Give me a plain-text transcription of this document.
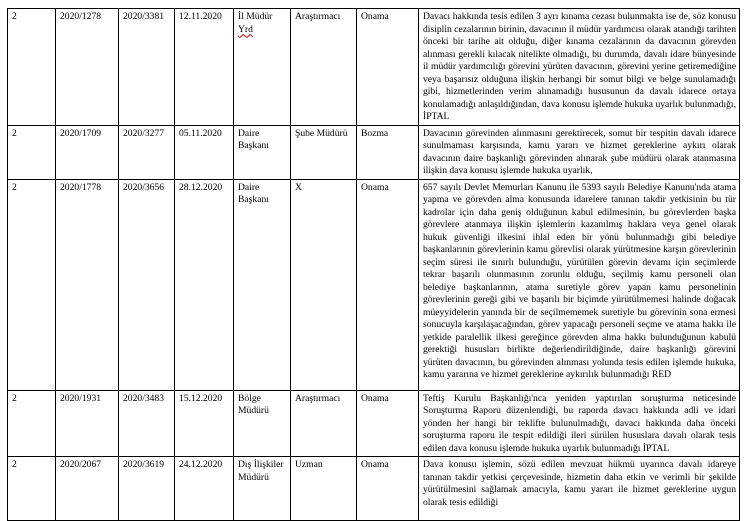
2	2020/1278	2020/3381	12.11.2020	İl Müdür Yrd	Araştırmacı	Onama	Davacı hakkında tesis edilen 3 ayrı kınama cezası bulunmakta ise de, söz konusu disiplin cezalarının birinin, davacının il müdür yardımcısı olarak atandığı tarihten önceki bir tarihe ait olduğu, diğer kınama cezalarının da davacının görevden alınması gerekli kılacak nitelikte olmadığı, bu durumda, davalı idare bünyesinde il müdür yardımcılığı görevini yürüten davacının, görevini yerine getiremediğine veya başarısız olduğuna ilişkin herhangi bir somut bilgi ve belge sunulamadığı gibi, hizmetlerinden verim alınamadığı hususunun da davalı idarece ortaya konulamadığı anlaşıldığından, dava konusu işlemde hukuka uyarlık bulunmadığı, İPTAL
2	2020/1709	2020/3277	05.11.2020	Daire Başkanı	Şube Müdürü	Bozma	Davacının görevinden alınmasını gerektirecek, somut bir tespitin davalı idarece sunulmaması karşısında, kamu yararı ve hizmet gereklerine aykırı olarak davacının daire başkanlığı görevinden alınarak şube müdürü olarak atanmasına ilişkin dava konusu işlemde hukuka uyarlık,
2	2020/1778	2020/3656	28.12.2020	Daire Başkanı	X	Onama	657 sayılı Devlet Memurları Kanunu ile 5393 sayılı Belediye Kanunu'nda atama yapma ve görevden alma konusunda idarelere tanınan takdir yetkisinin bu tür kadrolar için daha geniş olduğunun kabul edilmesinin, bu görevlerden başka görevlere atanmaya ilişkin işlemlerin kazanılmış haklara veya genel olarak hukuk güvenliği ilkesini ihlal eden bir yönü bulunmadığı gibi belediye başkanlarının görevlerinin kamu görevlisi olarak yürütmesine karşın görevlerinin seçim süresi ile sınırlı bulunduğu, yürütülen görevin devamı için seçimlerde tekrar başarılı olunmasının zorunlu olduğu, seçilmiş kamu personeli olan belediye başkanlarının, atama suretiyle görev yapan kamu personelinin görevlerinin gereği gibi ve başarılı bir biçimde yürütülmemesi halinde doğacak müeyyidelerin yanında bir de seçilmememek suretiyle bu görevinin sona ermesi sonucuyla karşılaşacağından, görev yapacağı personeli seçme ve atama hakkı ile yetkide paralellik ilkesi gereğince görevden alma hakkı bulunduğunun kabulü gerektiği hususları birlikte değerlendirildiğinde, daire başkanlığı görevini yürüten davacının, bu görevinden alınması yolunda tesis edilen işlemde hukuka, kamu yararına ve hizmet gereklerine aykırılık bulunmadığı RED
2	2020/1931	2020/3483	15.12.2020	Bölge Müdürü	Araştırmacı	Onama	Teftiş Kurulu Başkanlığı'nca yeniden yaptırılan soruşturma neticesinde Soruşturma Raporu düzenlendiği, bu raporda davacı hakkında adli ve idari yönden her hangi bir teklifte bulunulmadığı, davacı hakkında daha önceki soruşturma raporu ile tespit edildiği ileri sürülen hususlara davalı olarak tesis edilen dava konusu işlemde hukuka uyarlık bulunmadığı İPTAL
2	2020/2067	2020/3619	24.12.2020	Dış İlişkiler Müdürü	Uzman	Onama	Dava konusu işlemin, sözü edilen mevzuat hükmü uyarınca davalı idareye tanınan takdir yetkisi çerçevesinde, hizmetin daha etkin ve verimli bir şekilde yürütülmesini sağlamak amacıyla, kamu yararı ile hizmet gereklerine uygun olarak tesis edildiği
